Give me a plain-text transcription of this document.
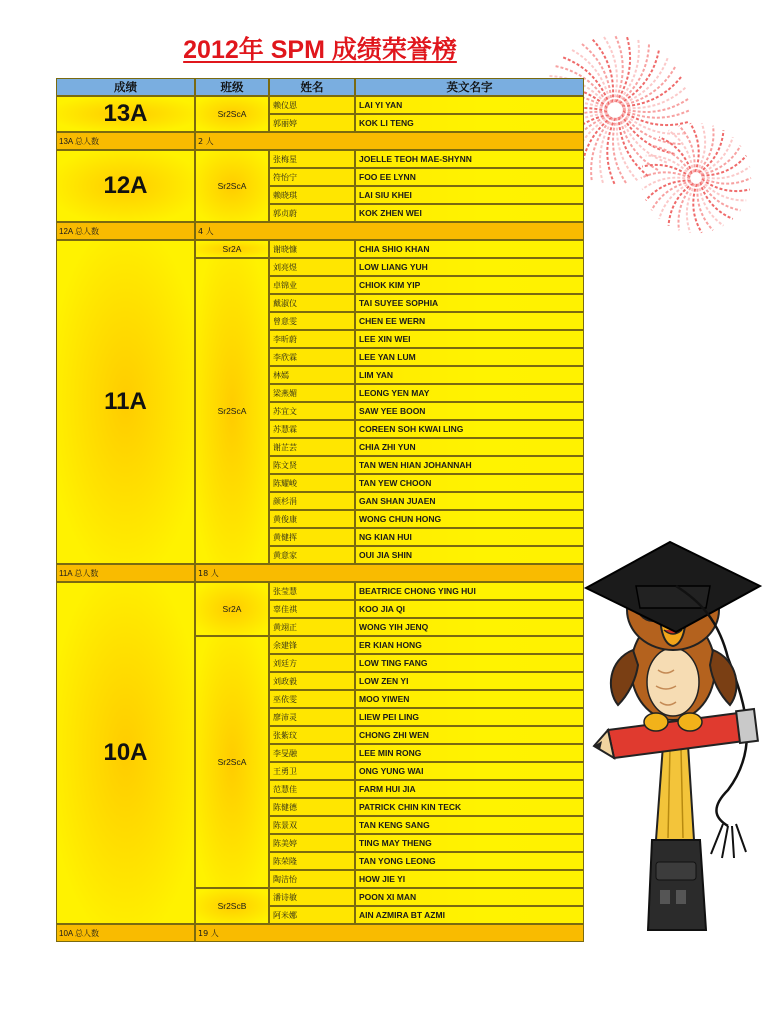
2012年 SPM 成绩荣誉榜
成绩	班级	姓名	英文名字
13A	Sr2ScA
赖仪恩	LAI YI YAN
郭丽婷	KOK LI TENG
13A 总人数	2 人
12A	Sr2ScA
张梅星	JOELLE TEOH MAE-SHYNN
符怡宁	FOO EE LYNN
赖晓琪	LAI SIU KHEI
郭贞蔚	KOK ZHEN WEI
12A 总人数	4 人
11A
Sr2A	谢晓慷	CHIA SHIO KHAN
Sr2ScA
刘亮煜	LOW LIANG YUH
卓锦业	CHIOK KIM YIP
戴淑仪	TAI SUYEE SOPHIA
曾意雯	CHEN EE WERN
李昕蔚	LEE XIN WEI
李欣霖	LEE YAN LUM
林嫣	LIM YAN
梁燕媚	LEONG YEN MAY
苏宜文	SAW YEE BOON
苏慧霖	COREEN SOH KWAI LING
谢芷芸	CHIA ZHI YUN
陈文贤	TAN WEN HIAN JOHANNAH
陈耀峻	TAN YEW CHOON
颜杉涓	GAN SHAN JUAEN
黄俊康	WONG CHUN HONG
黄健挥	NG KIAN HUI
黄意家	OUI JIA SHIN
11A 总人数	18 人
10A
Sr2A
张莹慧	BEATRICE CHONG YING HUI
辜佳祺	KOO JIA QI
黄翊正	WONG YIH JENQ
Sr2ScA
余建锋	ER KIAN HONG
刘廷方	LOW TING FANG
刘政毅	LOW ZEN YI
巫依雯	MOO YIWEN
廖沛灵	LIEW PEI LING
张紫玟	CHONG ZHI WEN
李旻融	LEE MIN RONG
王勇卫	ONG YUNG WAI
范慧佳	FARM HUI JIA
陈健德	PATRICK CHIN KIN TECK
陈景双	TAN KENG SANG
陈美婷	TING MAY THENG
陈荣隆	TAN YONG LEONG
陶洁怡	HOW JIE YI
Sr2ScB
潘诗敏	POON XI MAN
阿米娜	AIN AZMIRA BT AZMI
10A 总人数	19 人
